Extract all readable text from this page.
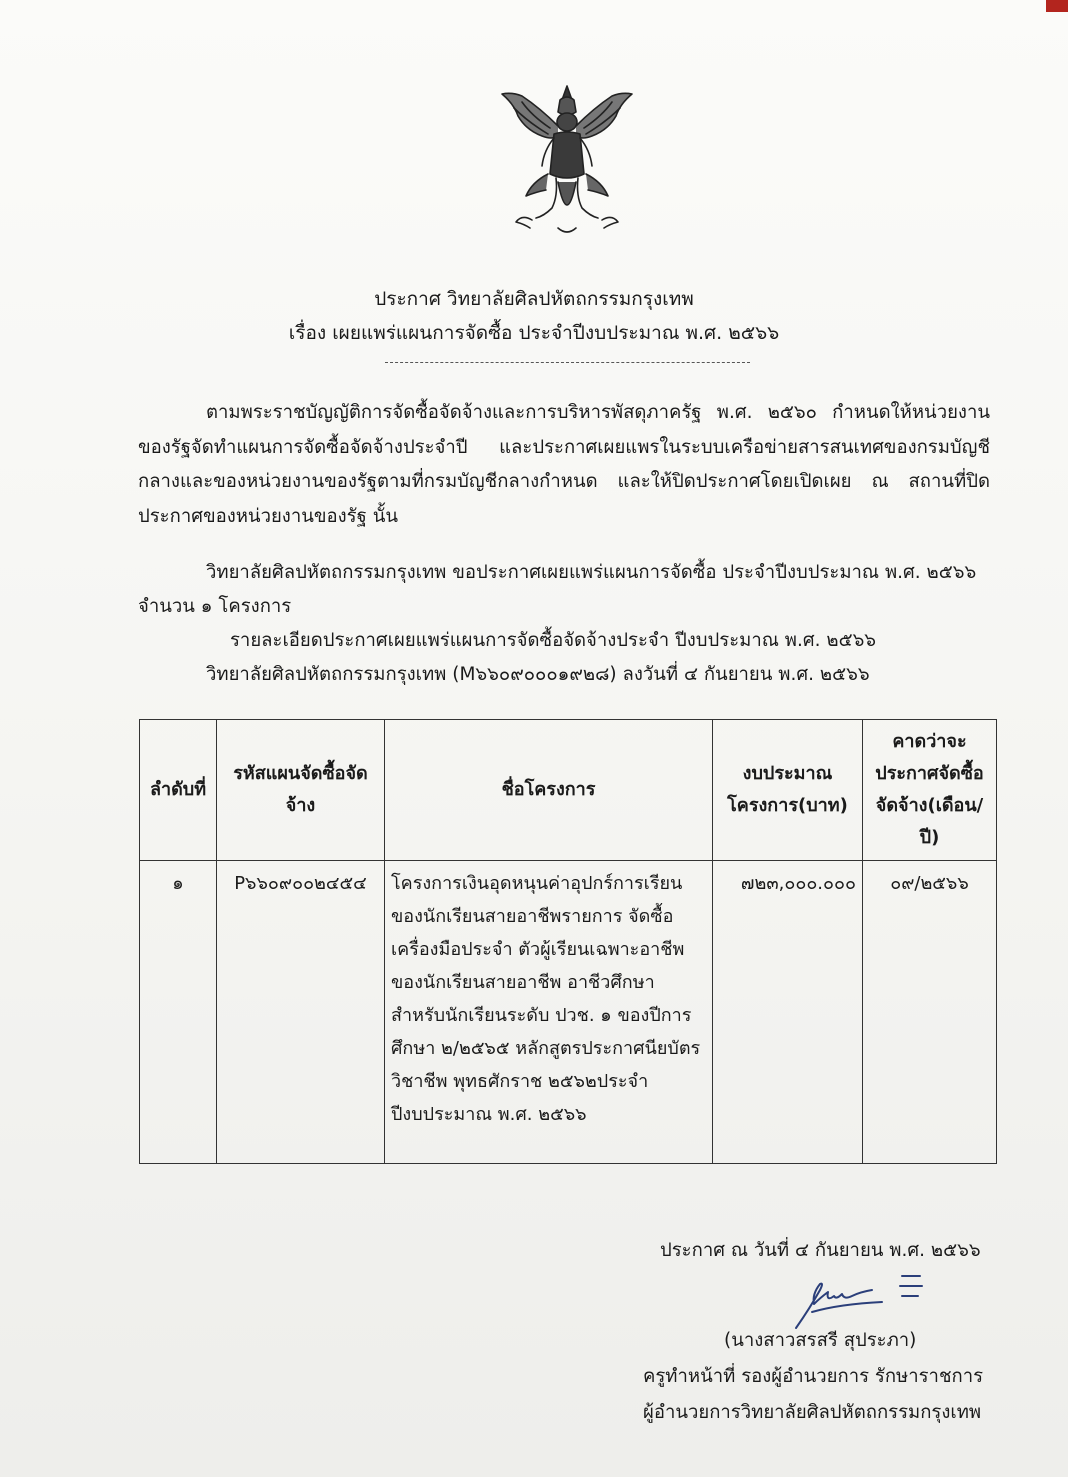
ประกาศ วิทยาลัยศิลปหัตถกรรมกรุงเทพ
เรื่อง เผยแพร่แผนการจัดซื้อ ประจำปีงบประมาณ พ.ศ. ๒๕๖๖
ตามพระราชบัญญัติการจัดซื้อจัดจ้างและการบริหารพัสดุภาครัฐ พ.ศ. ๒๕๖๐ กำหนดให้หน่วยงานของรัฐจัดทำแผนการจัดซื้อจัดจ้างประจำปี และประกาศเผยแพรในระบบเครือข่ายสารสนเทศของกรมบัญชีกลางและของหน่วยงานของรัฐตามที่กรมบัญชีกลางกำหนด และให้ปิดประกาศโดยเปิดเผย ณ สถานที่ปิดประกาศของหน่วยงานของรัฐ นั้น
วิทยาลัยศิลปหัตถกรรมกรุงเทพ ขอประกาศเผยแพร่แผนการจัดซื้อ ประจำปีงบประมาณ พ.ศ. ๒๕๖๖
จำนวน ๑ โครงการ
รายละเอียดประกาศเผยแพร่แผนการจัดซื้อจัดจ้างประจำ ปีงบประมาณ พ.ศ. ๒๕๖๖
วิทยาลัยศิลปหัตถกรรมกรุงเทพ (M๖๖๐๙๐๐๐๑๙๒๘) ลงวันที่ ๔ กันยายน พ.ศ. ๒๕๖๖
ลำดับที่	รหัสแผนจัดซื้อจัดจ้าง	ชื่อโครงการ	งบประมาณโครงการ(บาท)	คาดว่าจะประกาศจัดซื้อจัดจ้าง(เดือน/ปี)
๑	P๖๖๐๙๐๐๒๔๕๔	โครงการเงินอุดหนุนค่าอุปกร์การเรียนของนักเรียนสายอาชีพรายการ จัดซื้อเครื่องมือประจำ ตัวผู้เรียนเฉพาะอาชีพของนักเรียนสายอาชีพ อาชีวศึกษาสำหรับนักเรียนระดับ ปวช. ๑ ของปีการศึกษา ๒/๒๕๖๕ หลักสูตรประกาศนียบัตรวิชาชีพ พุทธศักราช ๒๕๖๒ประจำปีงบประมาณ พ.ศ. ๒๕๖๖	๗๒๓,๐๐๐.๐๐๐	๐๙/๒๕๖๖
ประกาศ ณ วันที่ ๔ กันยายน พ.ศ. ๒๕๖๖
(นางสาวสรสรี สุประภา)
ครูทำหน้าที่ รองผู้อำนวยการ รักษาราชการ
ผู้อำนวยการวิทยาลัยศิลปหัตถกรรมกรุงเทพ
